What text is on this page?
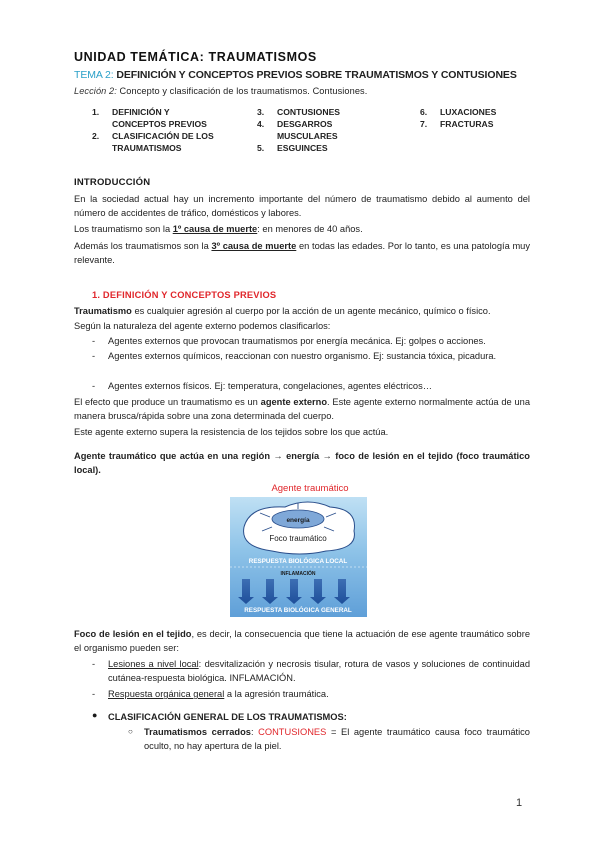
UNIDAD TEMÁTICA: TRAUMATISMOS
TEMA 2: DEFINICIÓN Y CONCEPTOS PREVIOS SOBRE TRAUMATISMOS Y CONTUSIONES
Lección 2: Concepto y clasificación de los traumatismos. Contusiones.
1. DEFINICIÓN Y
CONCEPTOS PREVIOS
2. CLASIFICACIÓN DE LOS
TRAUMATISMOS
3. CONTUSIONES
4. DESGARROS
MUSCULARES
5. ESGUINCES
6. LUXACIONES
7. FRACTURAS
INTRODUCCIÓN
En la sociedad actual hay un incremento importante del número de traumatismo debido al aumento del número de accidentes de tráfico, domésticos y labores.
Los traumatismo son la 1º causa de muerte: en menores de 40 años.
Además los traumatismos son la 3º causa de muerte en todas las edades. Por lo tanto, es una patología muy relevante.
1. DEFINICIÓN Y CONCEPTOS PREVIOS
Traumatismo es cualquier agresión al cuerpo por la acción de un agente mecánico, químico o físico.
Según la naturaleza del agente externo podemos clasificarlos:
- Agentes externos que provocan traumatismos por energía mecánica. Ej: golpes o acciones.
- Agentes externos químicos, reaccionan con nuestro organismo. Ej: sustancia tóxica, picadura.
- Agentes externos físicos. Ej: temperatura, congelaciones, agentes eléctricos…
El efecto que produce un traumatismo es un agente externo. Este agente externo normalmente actúa de una manera brusca/rápida sobre una zona determinada del cuerpo.
Este agente externo supera la resistencia de los tejidos sobre los que actúa.
Agente traumático que actúa en una región → energía → foco de lesión en el tejido (foco traumático local).
Agente traumático
energía
Foco traumático
RESPUESTA BIOLÓGICA LOCAL
INFLAMACIÓN
RESPUESTA BIOLÓGICA GENERAL
Foco de lesión en el tejido, es decir, la consecuencia que tiene la actuación de ese agente traumático sobre el organismo pueden ser:
- Lesiones a nivel local: desvitalización y necrosis tisular, rotura de vasos y soluciones de continuidad cutánea-respuesta biológica. INFLAMACIÓN.
- Respuesta orgánica general a la agresión traumática.
● CLASIFICACIÓN GENERAL DE LOS TRAUMATISMOS:
○ Traumatismos cerrados: CONTUSIONES = El agente traumático causa foco traumático oculto, no hay apertura de la piel.
1
